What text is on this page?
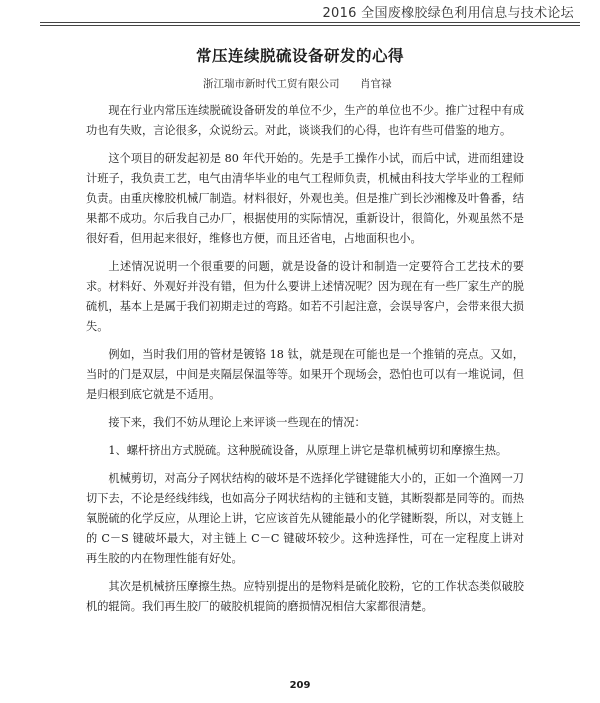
2016 全国废橡胶绿色利用信息与技术论坛
常压连续脱硫设备研发的心得
浙江瑞市新时代工贸有限公司 肖官禄

现在行业内常压连续脱硫设备研发的单位不少，生产的单位也不少。推广过程中有成功也有失败，言论很多，众说纷云。对此，谈谈我们的心得，也许有些可借鉴的地方。

这个项目的研发起初是 80 年代开始的。先是手工操作小试，而后中试，进而组建设计班子，我负责工艺，电气由清华毕业的电气工程师负责，机械由科技大学毕业的工程师负责。由重庆橡胶机械厂制造。材料很好，外观也美。但是推广到长沙湘橡及叶鲁番，结果都不成功。尔后我自己办厂，根据使用的实际情况，重新设计，很简化，外观虽然不是很好看，但用起来很好，维修也方便，而且还省电，占地面积也小。

上述情况说明一个很重要的问题，就是设备的设计和制造一定要符合工艺技术的要求。材料好、外观好并没有错，但为什么要讲上述情况呢？因为现在有一些厂家生产的脱硫机，基本上是属于我们初期走过的弯路。如若不引起注意，会误导客户，会带来很大损失。

例如，当时我们用的管材是镀铬 18 钛，就是现在可能也是一个推销的亮点。又如，当时的门是双层，中间是夹隔层保温等等。如果开个现场会，恐怕也可以有一堆说词，但是归根到底它就是不适用。

接下来，我们不妨从理论上来评谈一些现在的情况：

1、螺杆挤出方式脱硫。这种脱硫设备，从原理上讲它是靠机械剪切和摩擦生热。

机械剪切，对高分子网状结构的破坏是不选择化学键键能大小的，正如一个渔网一刀切下去，不论是经线纬线，也如高分子网状结构的主链和支链，其断裂都是同等的。而热氧脱硫的化学反应，从理论上讲，它应该首先从键能最小的化学键断裂，所以，对支链上的 C－S 键破坏最大，对主链上 C－C 键破坏较少。这种选择性，可在一定程度上讲对再生胶的内在物理性能有好处。

其次是机械挤压摩擦生热。应特别提出的是物料是硫化胶粉，它的工作状态类似破胶机的辊筒。我们再生胶厂的破胶机辊筒的磨损情况相信大家都很清楚。

209
